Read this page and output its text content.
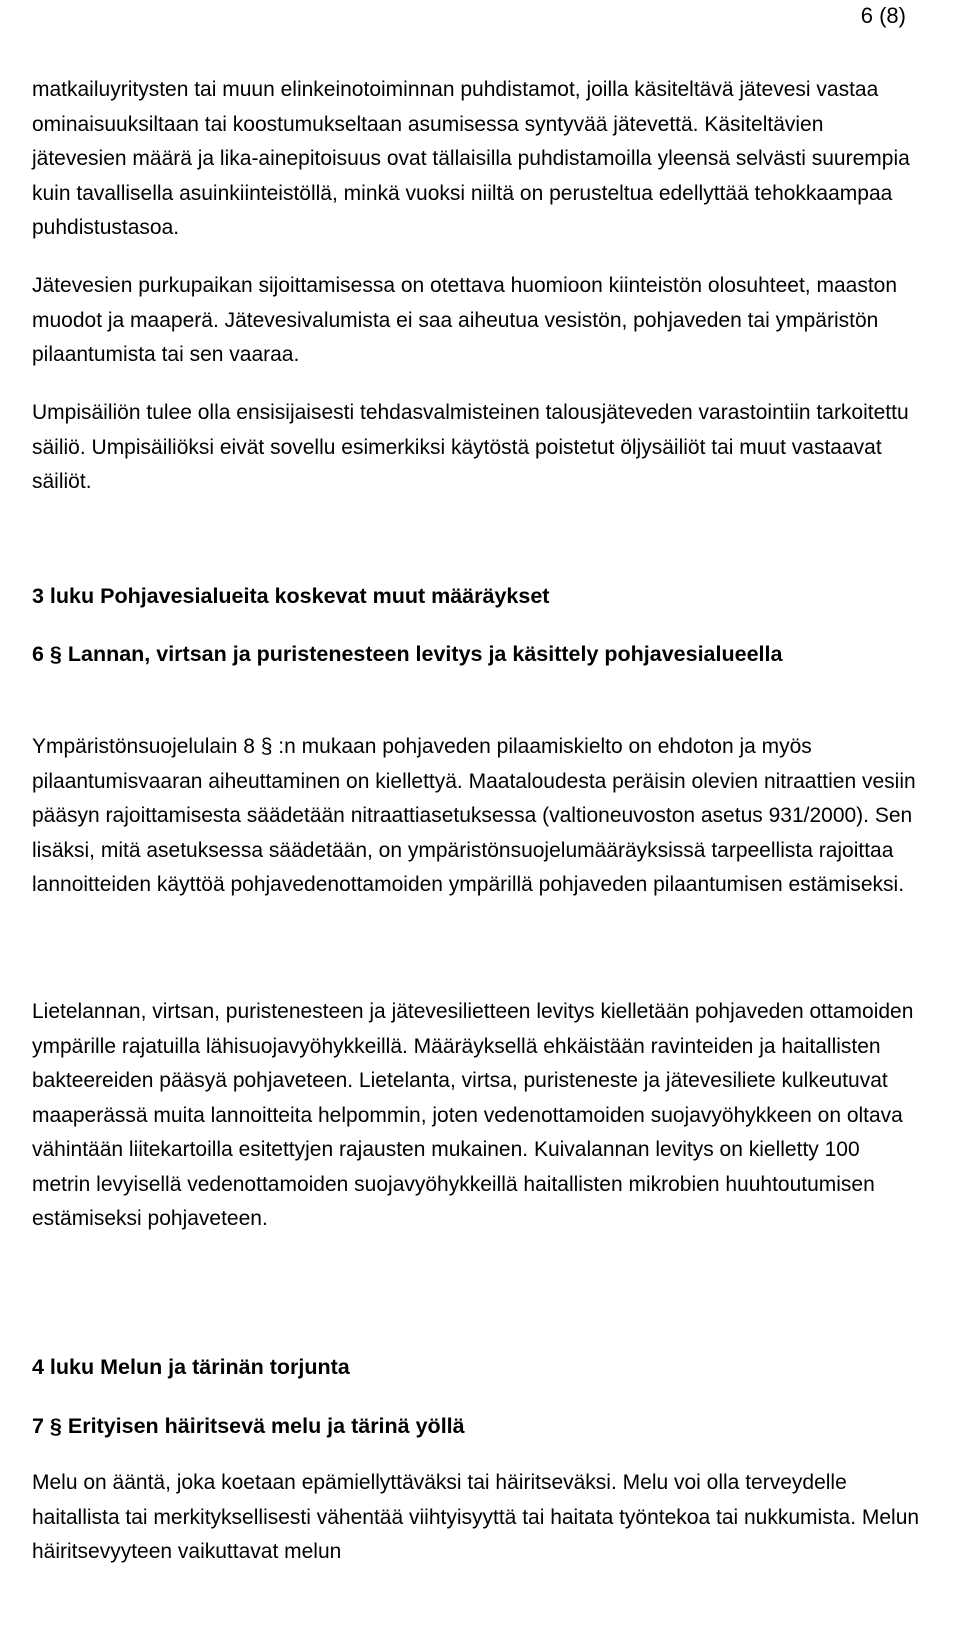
6 (8)

matkailuyritysten tai muun elinkeinotoiminnan puhdistamot, joilla käsiteltävä jätevesi vastaa ominaisuuksiltaan tai koostumukseltaan asumisessa syntyvää jätevettä. Käsiteltävien jätevesien määrä ja lika-ainepitoisuus ovat tällaisilla puhdistamoilla yleensä selvästi suurempia kuin tavallisella asuinkiinteistöllä, minkä vuoksi niiltä on perusteltua edellyttää tehokkaampaa puhdistustasoa.

Jätevesien purkupaikan sijoittamisessa on otettava huomioon kiinteistön olosuhteet, maaston muodot ja maaperä. Jätevesivalumista ei saa aiheutua vesistön, pohjaveden tai ympäristön pilaantumista tai sen vaaraa.

Umpisäiliön tulee olla ensisijaisesti tehdasvalmisteinen talousjäteveden varastointiin tarkoitettu säiliö. Umpisäiliöksi eivät sovellu esimerkiksi käytöstä poistetut öljysäiliöt tai muut vastaavat säiliöt.

3 luku Pohjavesialueita koskevat muut määräykset
6 § Lannan, virtsan ja puristenesteen levitys ja käsittely pohjavesialueella

Ympäristönsuojelulain 8 § :n mukaan pohjaveden pilaamiskielto on ehdoton ja myös pilaantumisvaaran aiheuttaminen on kiellettyä. Maataloudesta peräisin olevien nitraattien vesiin pääsyn rajoittamisesta säädetään nitraattiasetuksessa (valtioneuvoston asetus 931/2000). Sen lisäksi, mitä asetuksessa säädetään, on ympäristönsuojelumääräyksissä tarpeellista rajoittaa lannoitteiden käyttöä pohjavedenottamoiden ympärillä pohjaveden pilaantumisen estämiseksi.

Lietelannan, virtsan, puristenesteen ja jätevesilietteen levitys kielletään pohjaveden ottamoiden ympärille rajatuilla lähisuojavyöhykkeillä. Määräyksellä ehkäistään ravinteiden ja haitallisten bakteereiden pääsyä pohjaveteen. Lietelanta, virtsa, puristeneste ja jätevesiliete kulkeutuvat maaperässä muita lannoitteita helpommin, joten vedenottamoiden suojavyöhykkeen on oltava vähintään liitekartoilla esitettyjen rajausten mukainen. Kuivalannan levitys on kielletty 100 metrin levyisellä vedenottamoiden suojavyöhykkeillä haitallisten mikrobien huuhtoutumisen estämiseksi pohjaveteen.

4 luku Melun ja tärinän torjunta
7 § Erityisen häiritsevä melu ja tärinä yöllä

Melu on ääntä, joka koetaan epämiellyttäväksi tai häiritseväksi. Melu voi olla terveydelle haitallista tai merkityksellisesti vähentää viihtyisyyttä tai haitata työntekoa tai nukkumista. Melun häiritsevyyteen vaikuttavat melun
